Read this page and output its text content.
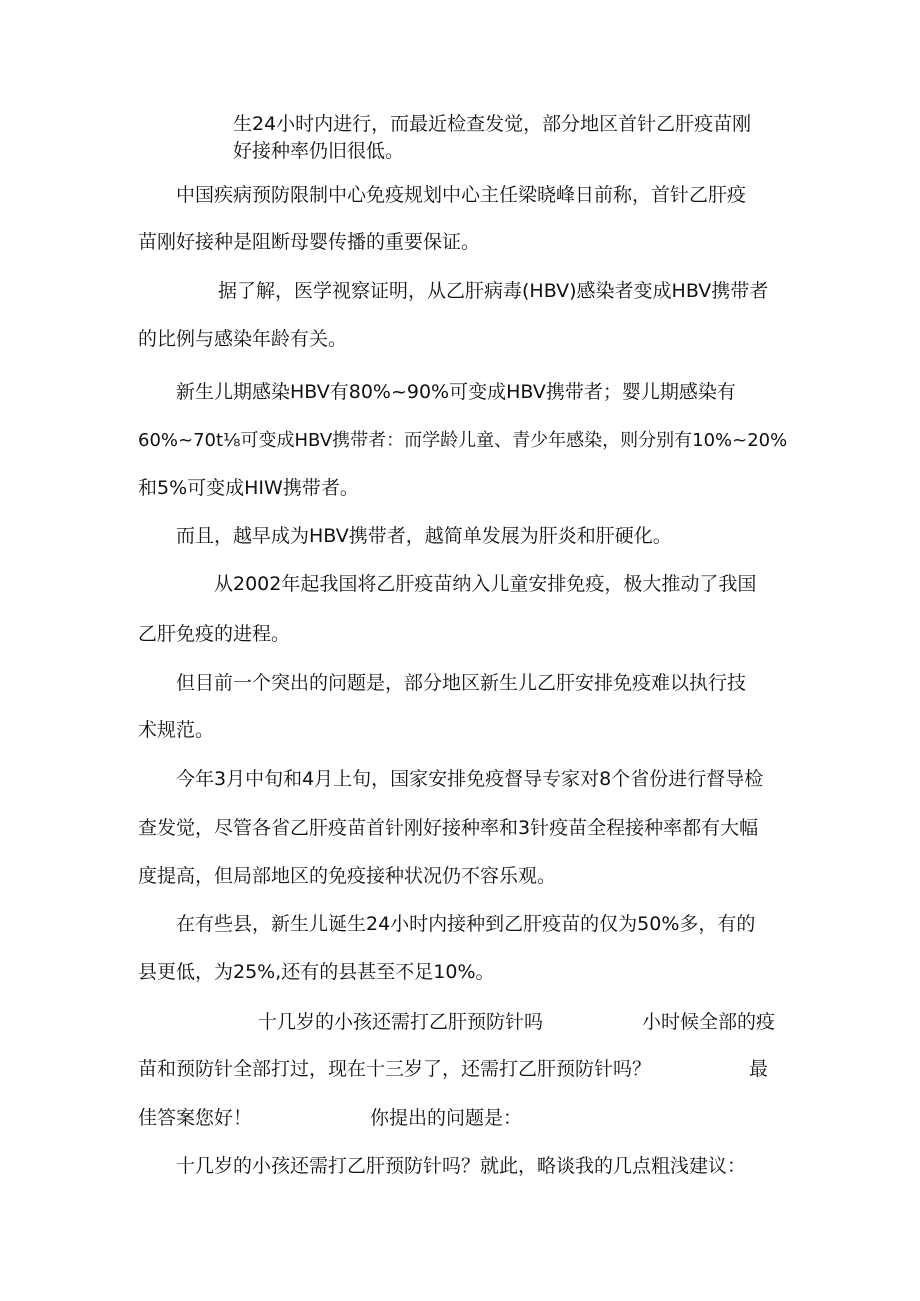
生24小时内进行，而最近检查发觉，部分地区首针乙肝疫苗刚
好接种率仍旧很低。
中国疾病预防限制中心免疫规划中心主任梁晓峰日前称，首针乙肝疫
苗刚好接种是阻断母婴传播的重要保证。
据了解，医学视察证明，从乙肝病毒(HBV)感染者变成HBV携带者
的比例与感染年龄有关。
新生儿期感染HBV有80%~90%可变成HBV携带者；婴儿期感染有
60%~70t⅛可变成HBV携带者：而学龄儿童、青少年感染，则分别有10%~20%
和5%可变成HIW携带者。
而且，越早成为HBV携带者，越简单发展为肝炎和肝硬化。
从2002年起我国将乙肝疫苗纳入儿童安排免疫，极大推动了我国
乙肝免疫的进程。
但目前一个突出的问题是，部分地区新生儿乙肝安排免疫难以执行技
术规范。
今年3月中旬和4月上旬，国家安排免疫督导专家对8个省份进行督导检
查发觉，尽管各省乙肝疫苗首针刚好接种率和3针疫苗全程接种率都有大幅
度提高，但局部地区的免疫接种状况仍不容乐观。
在有些县，新生儿诞生24小时内接种到乙肝疫苗的仅为50%多，有的
县更低，为25%,还有的县甚至不足10%。
十几岁的小孩还需打乙肝预防针吗	小时候全部的疫
苗和预防针全部打过，现在十三岁了，还需打乙肝预防针吗？	最
佳答案您好！	你提出的问题是：
十几岁的小孩还需打乙肝预防针吗？就此，略谈我的几点粗浅建议：
